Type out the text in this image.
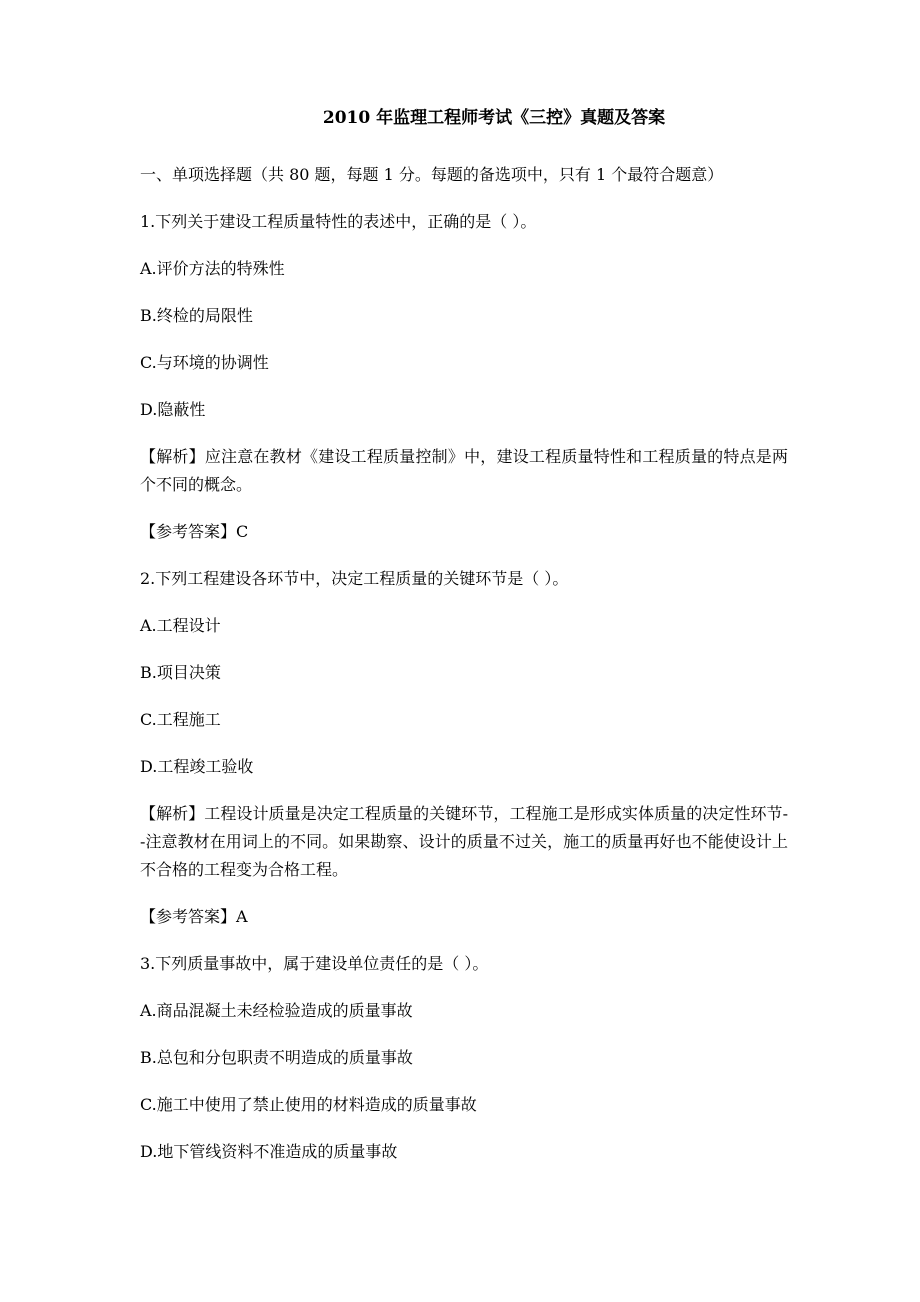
2010 年监理工程师考试《三控》真题及答案

一、单项选择题（共 80 题，每题 1 分。每题的备选项中，只有 1 个最符合题意）

1.下列关于建设工程质量特性的表述中，正确的是（ ）。

A.评价方法的特殊性

B.终检的局限性

C.与环境的协调性

D.隐蔽性

【解析】应注意在教材《建设工程质量控制》中，建设工程质量特性和工程质量的特点是两个不同的概念。

【参考答案】C

2.下列工程建设各环节中，决定工程质量的关键环节是（ ）。

A.工程设计

B.项目决策

C.工程施工

D.工程竣工验收

【解析】工程设计质量是决定工程质量的关键环节，工程施工是形成实体质量的决定性环节--注意教材在用词上的不同。如果勘察、设计的质量不过关，施工的质量再好也不能使设计上不合格的工程变为合格工程。

【参考答案】A

3.下列质量事故中，属于建设单位责任的是（ ）。

A.商品混凝土未经检验造成的质量事故

B.总包和分包职责不明造成的质量事故

C.施工中使用了禁止使用的材料造成的质量事故

D.地下管线资料不准造成的质量事故
